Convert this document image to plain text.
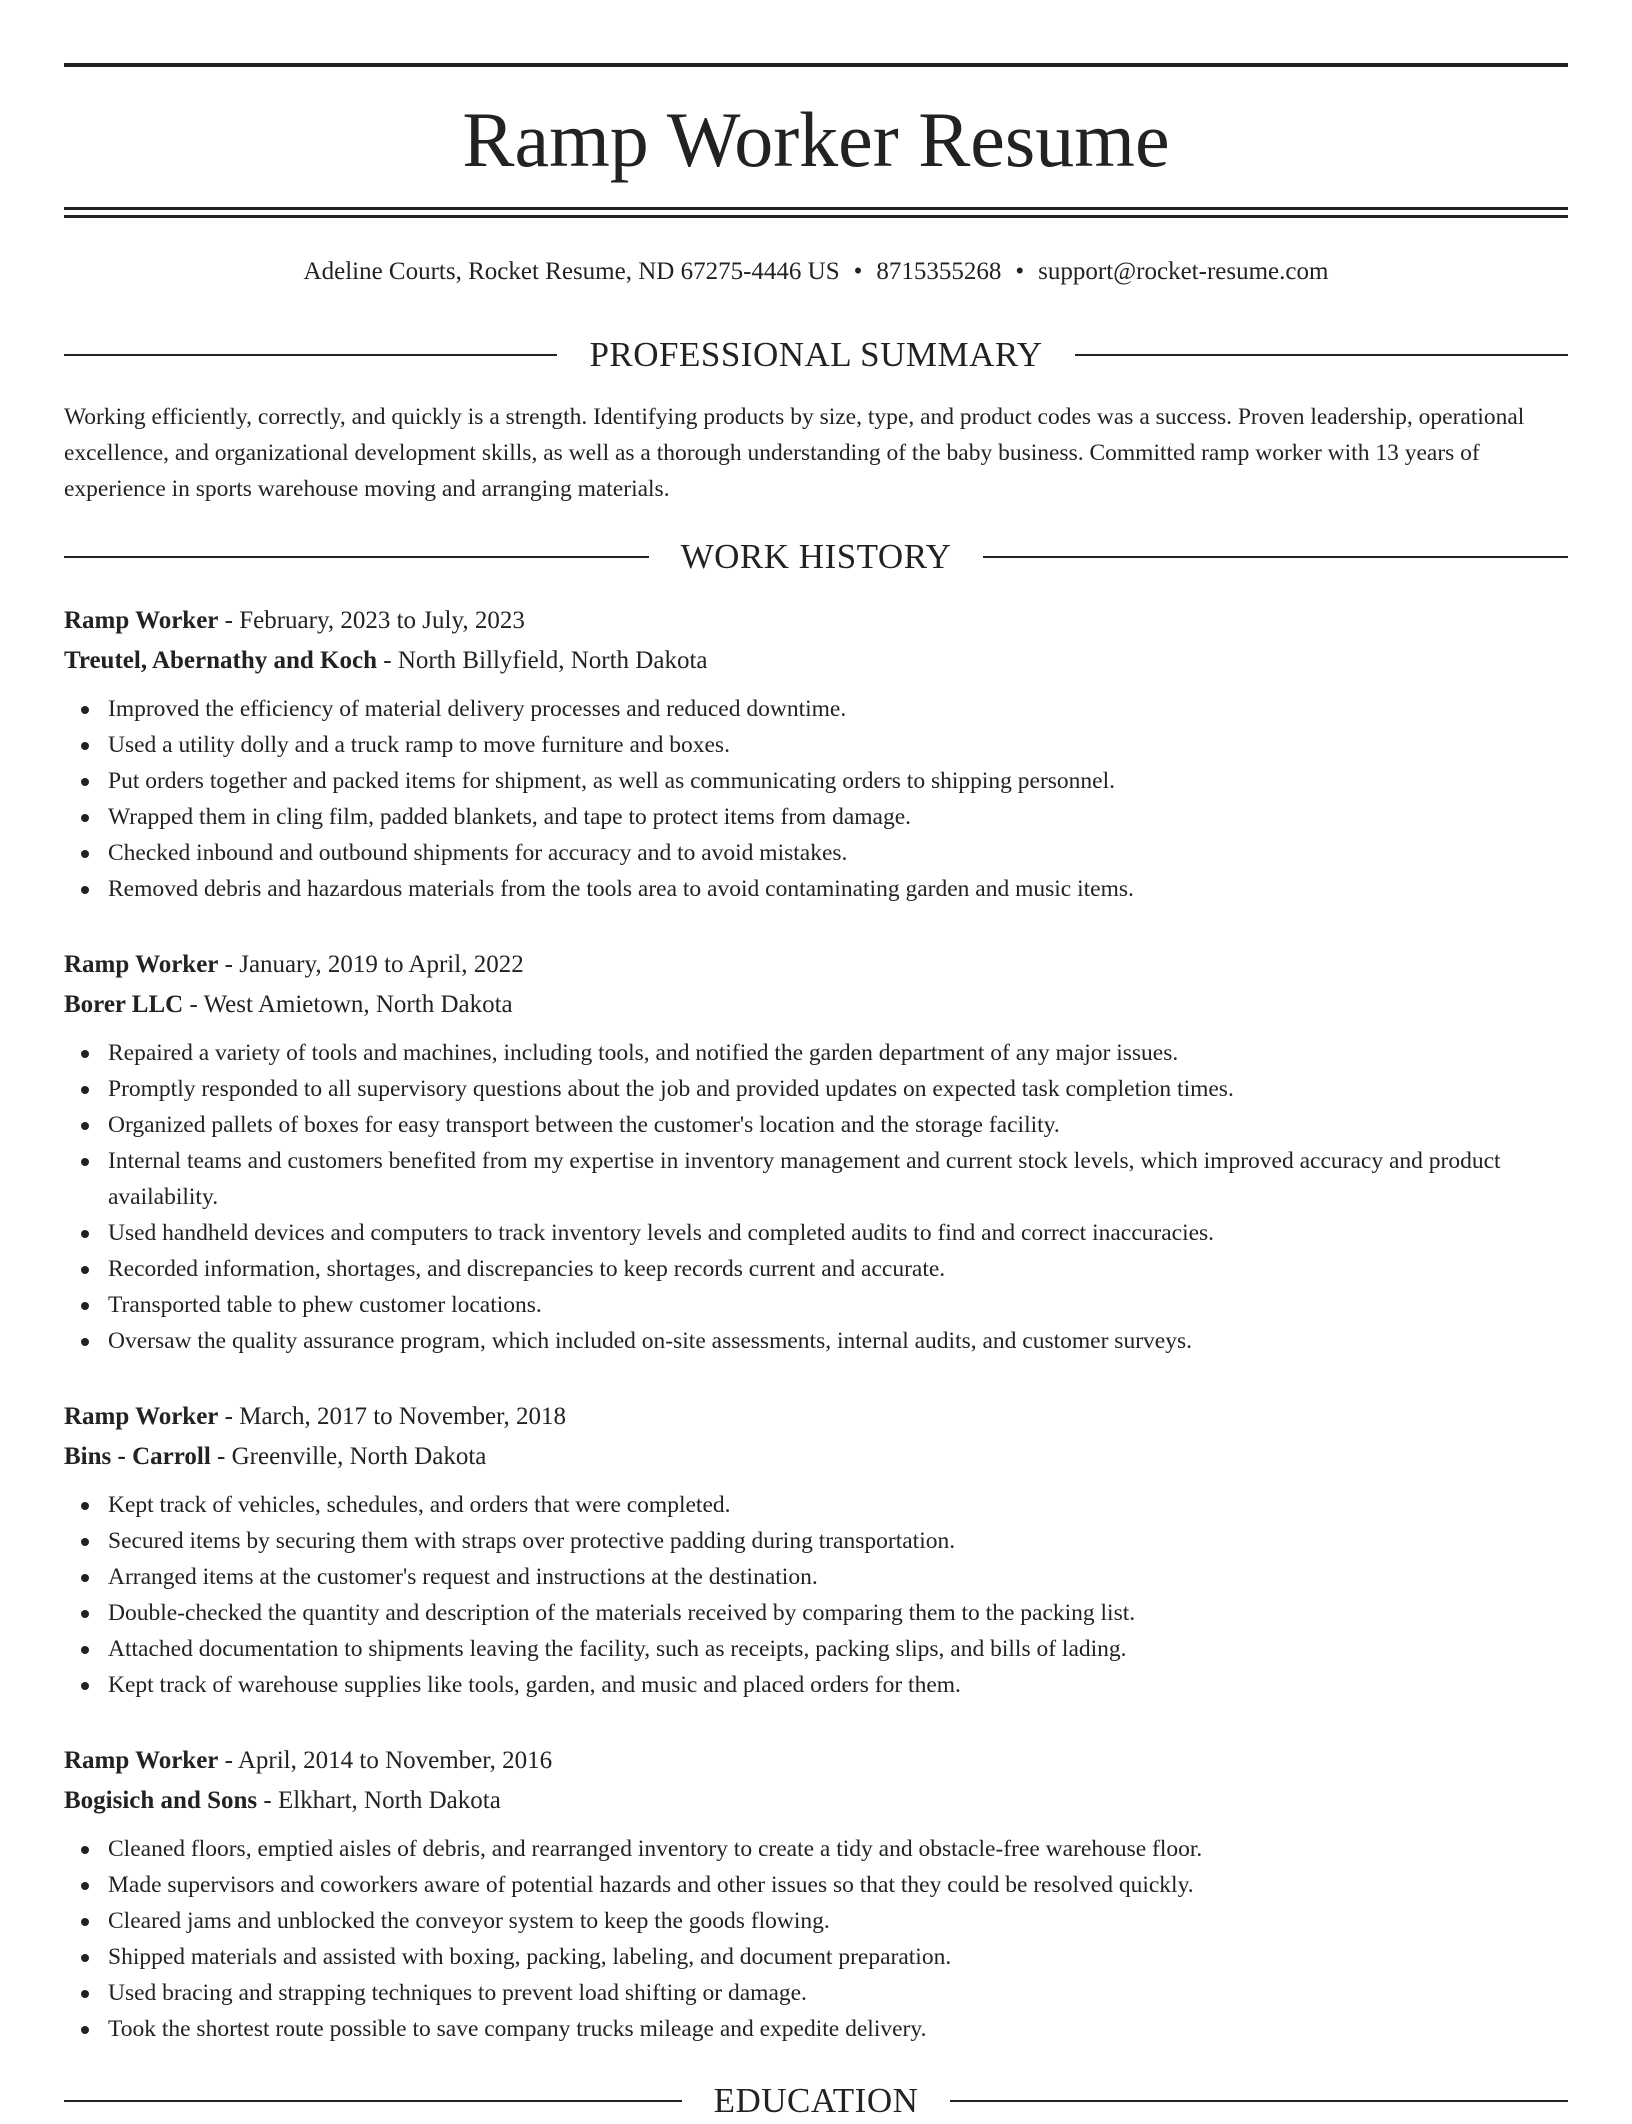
Ramp Worker Resume
Adeline Courts, Rocket Resume, ND 67275-4446 US • 8715355268 • support@rocket-resume.com
PROFESSIONAL SUMMARY

Working efficiently, correctly, and quickly is a strength. Identifying products by size, type, and product codes was a success. Proven leadership, operational excellence, and organizational development skills, as well as a thorough understanding of the baby business. Committed ramp worker with 13 years of experience in sports warehouse moving and arranging materials.

WORK HISTORY

Ramp Worker - February, 2023 to July, 2023

Treutel, Abernathy and Koch - North Billyfield, North Dakota

Improved the efficiency of material delivery processes and reduced downtime.
Used a utility dolly and a truck ramp to move furniture and boxes.
Put orders together and packed items for shipment, as well as communicating orders to shipping personnel.
Wrapped them in cling film, padded blankets, and tape to protect items from damage.
Checked inbound and outbound shipments for accuracy and to avoid mistakes.
Removed debris and hazardous materials from the tools area to avoid contaminating garden and music items.

Ramp Worker - January, 2019 to April, 2022

Borer LLC - West Amietown, North Dakota

Repaired a variety of tools and machines, including tools, and notified the garden department of any major issues.
Promptly responded to all supervisory questions about the job and provided updates on expected task completion times.
Organized pallets of boxes for easy transport between the customer's location and the storage facility.
Internal teams and customers benefited from my expertise in inventory management and current stock levels, which improved accuracy and product availability.
Used handheld devices and computers to track inventory levels and completed audits to find and correct inaccuracies.
Recorded information, shortages, and discrepancies to keep records current and accurate.
Transported table to phew customer locations.
Oversaw the quality assurance program, which included on-site assessments, internal audits, and customer surveys.

Ramp Worker - March, 2017 to November, 2018

Bins - Carroll - Greenville, North Dakota

Kept track of vehicles, schedules, and orders that were completed.
Secured items by securing them with straps over protective padding during transportation.
Arranged items at the customer's request and instructions at the destination.
Double-checked the quantity and description of the materials received by comparing them to the packing list.
Attached documentation to shipments leaving the facility, such as receipts, packing slips, and bills of lading.
Kept track of warehouse supplies like tools, garden, and music and placed orders for them.

Ramp Worker - April, 2014 to November, 2016

Bogisich and Sons - Elkhart, North Dakota

Cleaned floors, emptied aisles of debris, and rearranged inventory to create a tidy and obstacle-free warehouse floor.
Made supervisors and coworkers aware of potential hazards and other issues so that they could be resolved quickly.
Cleared jams and unblocked the conveyor system to keep the goods flowing.
Shipped materials and assisted with boxing, packing, labeling, and document preparation.
Used bracing and strapping techniques to prevent load shifting or damage.
Took the shortest route possible to save company trucks mileage and expedite delivery.
EDUCATION
